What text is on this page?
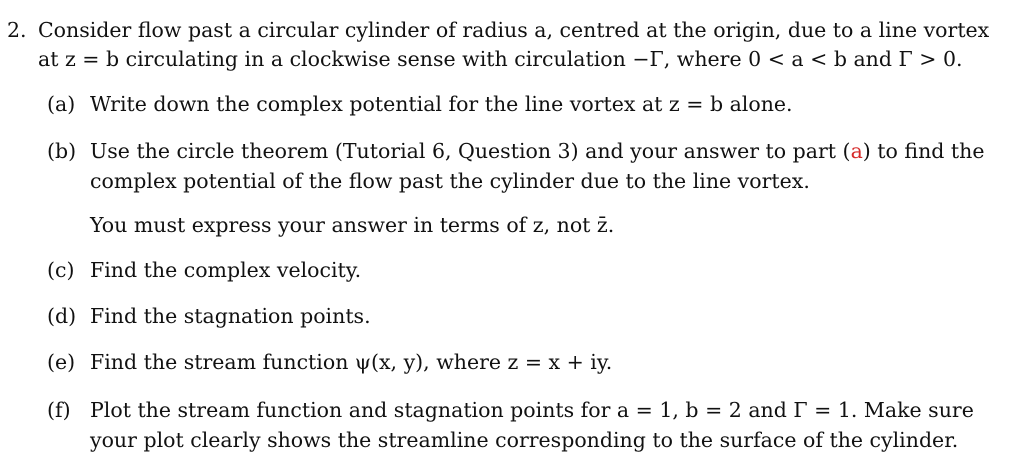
2. Consider flow past a circular cylinder of radius a, centred at the origin, due to a line vortex
at z = b circulating in a clockwise sense with circulation −Γ, where 0 < a < b and Γ > 0.
(a) Write down the complex potential for the line vortex at z = b alone.
(b) Use the circle theorem (Tutorial 6, Question 3) and your answer to part (a) to find the
complex potential of the flow past the cylinder due to the line vortex.
You must express your answer in terms of z, not z̄.
(c) Find the complex velocity.
(d) Find the stagnation points.
(e) Find the stream function ψ(x, y), where z = x + iy.
(f) Plot the stream function and stagnation points for a = 1, b = 2 and Γ = 1. Make sure
your plot clearly shows the streamline corresponding to the surface of the cylinder.
